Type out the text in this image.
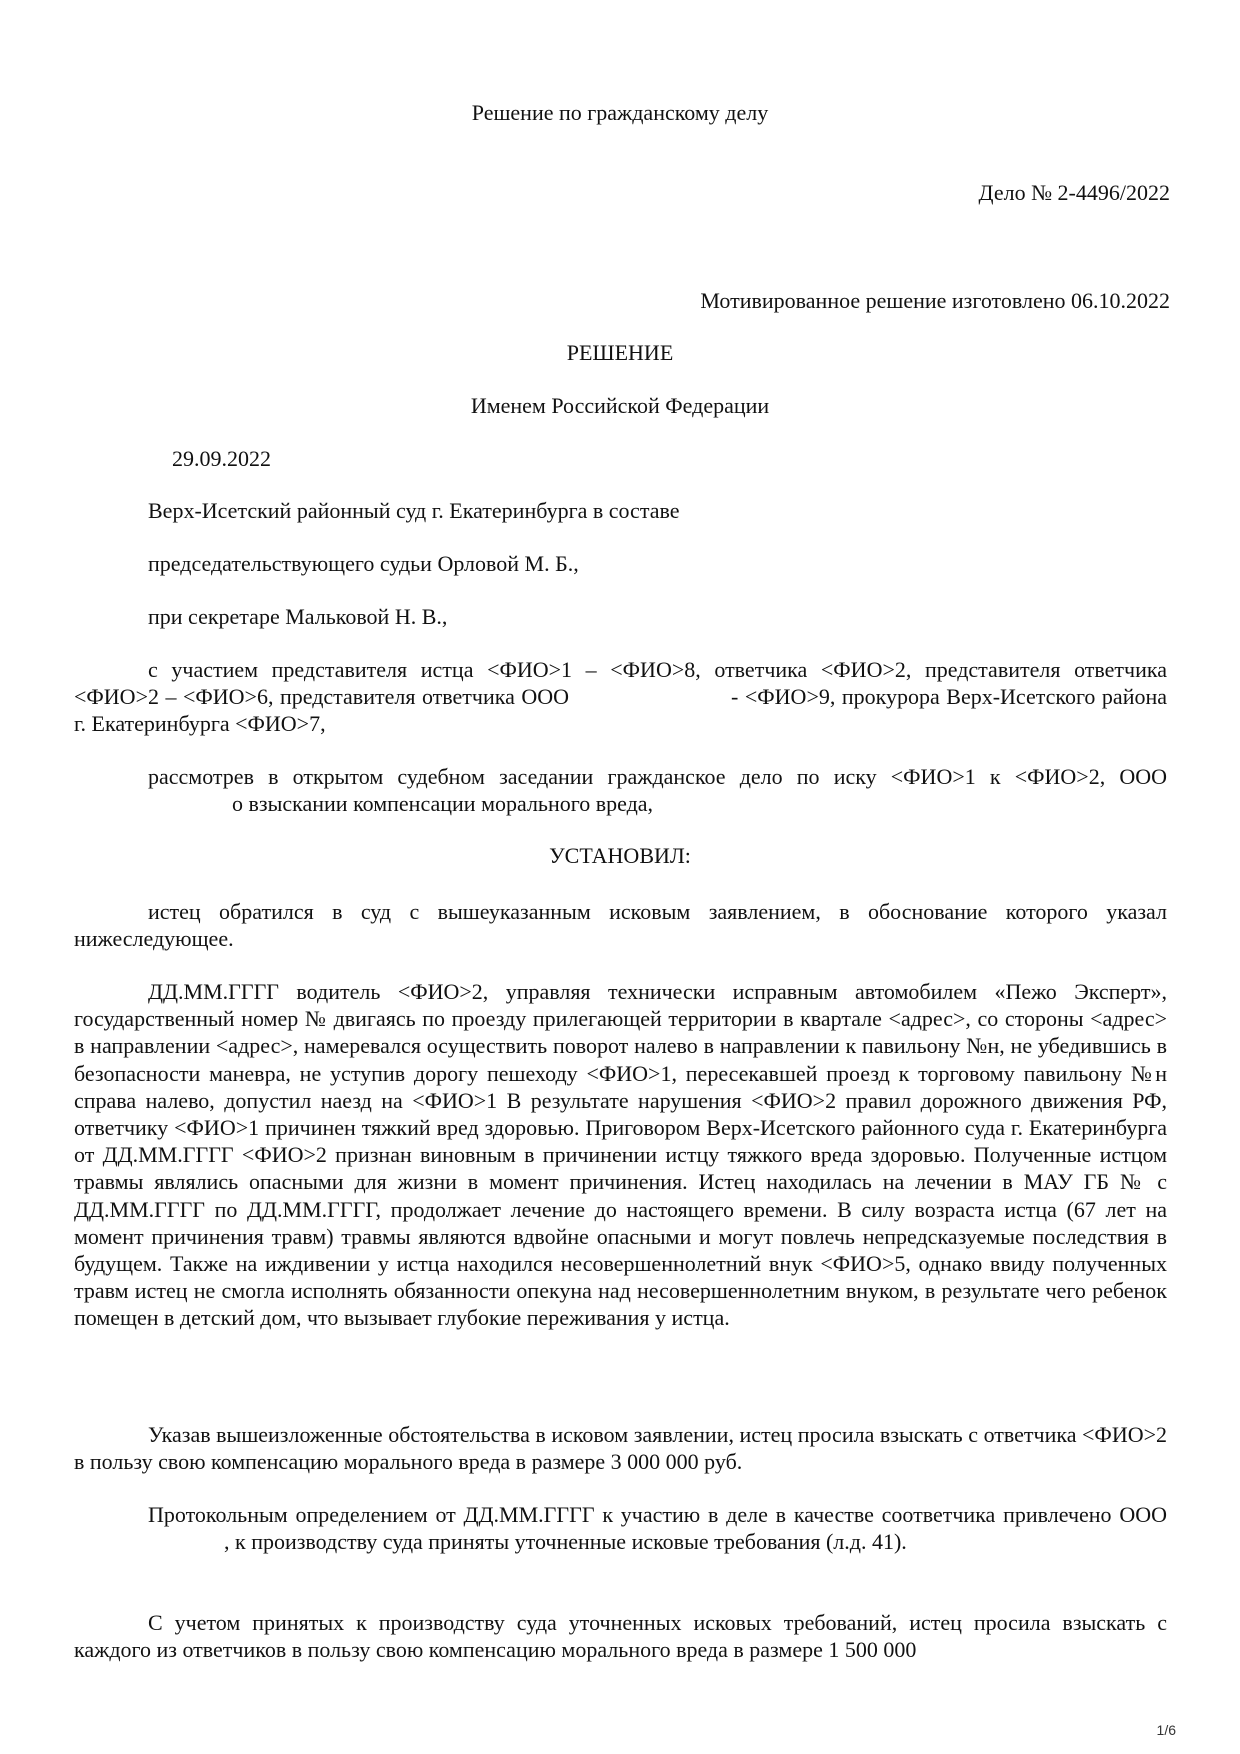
Решение по гражданскому делу
Дело № 2-4496/2022
Мотивированное решение изготовлено 06.10.2022
РЕШЕНИЕ
Именем Российской Федерации
29.09.2022

Верх-Исетский районный суд г. Екатеринбурга в составе

председательствующего судьи Орловой М. Б.,

при секретаре Мальковой Н. В.,

с участием представителя истца <ФИО>1 – <ФИО>8, ответчика <ФИО>2, представителя ответчика <ФИО>2 – <ФИО>6, представителя ответчика ООО	- <ФИО>9, прокурора Верх-Исетского района г. Екатеринбурга <ФИО>7,

рассмотрев в открытом судебном заседании гражданское дело по иску <ФИО>1 к <ФИО>2, ОООо взыскании компенсации морального вреда,

УСТАНОВИЛ:

истец обратился в суд с вышеуказанным исковым заявлением, в обоснование которого указал нижеследующее.

ДД.ММ.ГГГГ водитель <ФИО>2, управляя технически исправным автомобилем «Пежо Эксперт», государственный номер № двигаясь по проезду прилегающей территории в квартале <адрес>, со стороны <адрес> в направлении <адрес>, намеревался осуществить поворот налево в направлении к павильону №н, не убедившись в безопасности маневра, не уступив дорогу пешеходу <ФИО>1, пересекавшей проезд к торговому павильону №н справа налево, допустил наезд на <ФИО>1 В результате нарушения <ФИО>2 правил дорожного движения РФ, ответчику <ФИО>1 причинен тяжкий вред здоровью. Приговором Верх-Исетского районного суда г. Екатеринбурга от ДД.ММ.ГГГГ <ФИО>2 признан виновным в причинении истцу тяжкого вреда здоровью. Полученные истцом травмы являлись опасными для жизни в момент причинения. Истец находилась на лечении в МАУ ГБ № с ДД.ММ.ГГГГ по ДД.ММ.ГГГГ, продолжает лечение до настоящего времени. В силу возраста истца (67 лет на момент причинения травм) травмы являются вдвойне опасными и могут повлечь непредсказуемые последствия в будущем. Также на иждивении у истца находился несовершеннолетний внук <ФИО>5, однако ввиду полученных травм истец не смогла исполнять обязанности опекуна над несовершеннолетним внуком, в результате чего ребенок помещен в детский дом, что вызывает глубокие переживания у истца.

Указав вышеизложенные обстоятельства в исковом заявлении, истец просила взыскать с ответчика <ФИО>2 в пользу свою компенсацию морального вреда в размере 3 000 000 руб.

Протокольным определением от ДД.ММ.ГГГГ к участию в деле в качестве соответчика привлечено ООО, к производству суда приняты уточненные исковые требования (л.д. 41).

С учетом принятых к производству суда уточненных исковых требований, истец просила взыскать с каждого из ответчиков в пользу свою компенсацию морального вреда в размере 1 500 000

1/6
